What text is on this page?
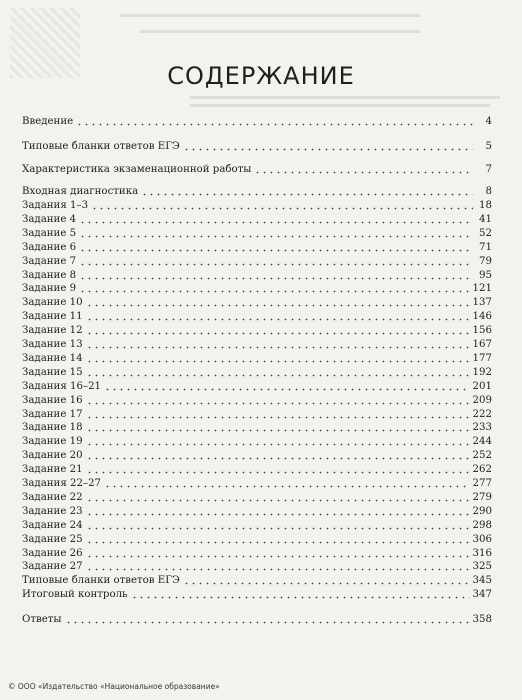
СОДЕРЖАНИЕ
Введение	4
Типовые бланки ответов ЕГЭ	5
Характеристика экзаменационной работы	7
Входная диагностика	8
Задания 1–3	18
Задание 4	41
Задание 5	52
Задание 6	71
Задание 7	79
Задание 8	95
Задание 9	121
Задание 10	137
Задание 11	146
Задание 12	156
Задание 13	167
Задание 14	177
Задание 15	192
Задания 16–21	201
Задание 16	209
Задание 17	222
Задание 18	233
Задание 19	244
Задание 20	252
Задание 21	262
Задания 22–27	277
Задание 22	279
Задание 23	290
Задание 24	298
Задание 25	306
Задание 26	316
Задание 27	325
Типовые бланки ответов ЕГЭ	345
Итоговый контроль	347
Ответы	358
© ООО «Издательство «Национальное образование»
